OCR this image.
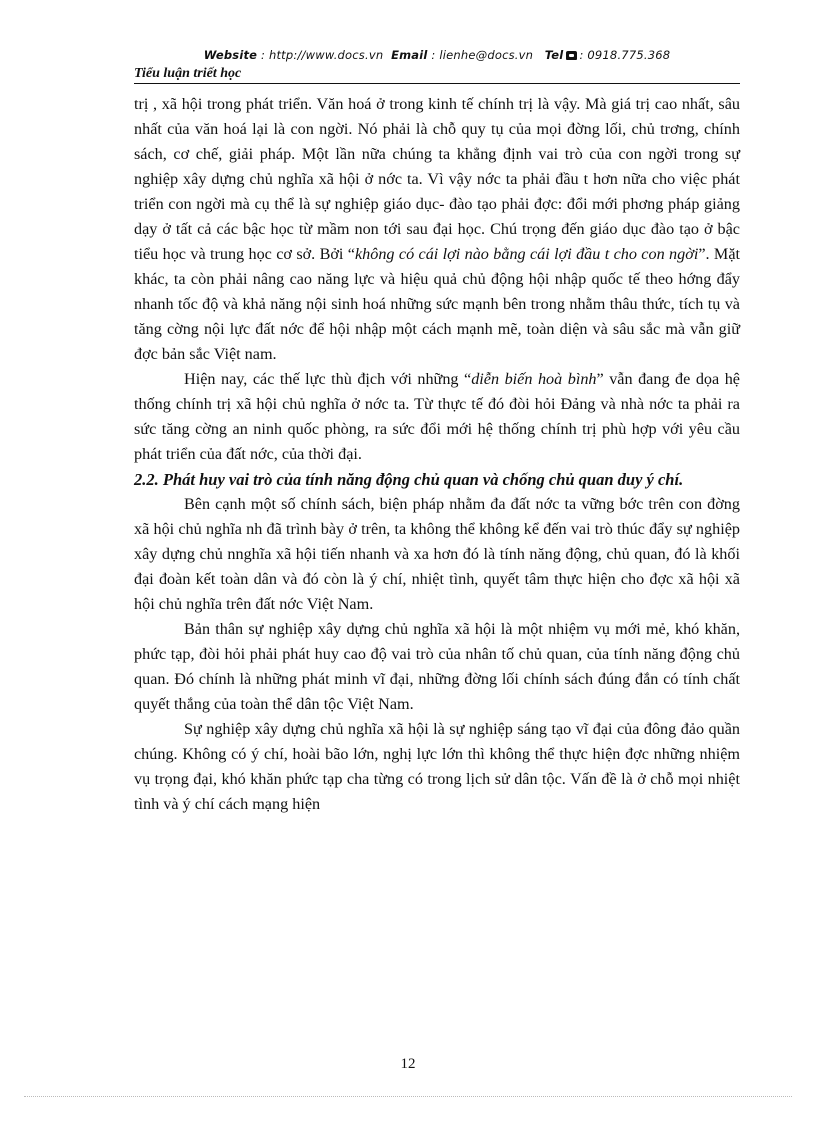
Website : http://www.docs.vn Email : lienhe@docs.vn Tel : 0918.775.368
Tiểu luận triết học

trị , xã hội trong phát triển. Văn hoá ở trong kinh tế chính trị là vậy. Mà giá trị cao nhất, sâu nhất của văn hoá lại là con ngời. Nó phải là chỗ quy tụ của mọi đờng lối, chủ trơng, chính sách, cơ chế, giải pháp. Một lần nữa chúng ta khẳng định vai trò của con ngời trong sự nghiệp xây dựng chủ nghĩa xã hội ở nớc ta. Vì vậy nớc ta phải đầu t hơn nữa cho việc phát triển con ngời mà cụ thể là sự nghiệp giáo dục- đào tạo phải đợc: đổi mới phơng pháp giảng dạy ở tất cả các bậc học từ mầm non tới sau đại học. Chú trọng đến giáo dục đào tạo ở bậc tiểu học và trung học cơ sở. Bởi “không có cái lợi nào bằng cái lợi đầu t cho con ngời”. Mặt khác, ta còn phải nâng cao năng lực và hiệu quả chủ động hội nhập quốc tế theo hớng đẩy nhanh tốc độ và khả năng nội sinh hoá những sức mạnh bên trong nhằm thâu thức, tích tụ và tăng cờng nội lực đất nớc để hội nhập một cách mạnh mẽ, toàn diện và sâu sắc mà vẫn giữ đợc bản sắc Việt nam.

Hiện nay, các thế lực thù địch với những “diễn biến hoà bình” vẫn đang đe dọa hệ thống chính trị xã hội chủ nghĩa ở nớc ta. Từ thực tế đó đòi hỏi Đảng và nhà nớc ta phải ra sức tăng cờng an ninh quốc phòng, ra sức đổi mới hệ thống chính trị phù hợp với yêu cầu phát triển của đất nớc, của thời đại.

2.2. Phát huy vai trò của tính năng động chủ quan và chống chủ quan duy ý chí.

Bên cạnh một số chính sách, biện pháp nhằm đa đất nớc ta vững bớc trên con đờng xã hội chủ nghĩa nh đã trình bày ở trên, ta không thể không kể đến vai trò thúc đẩy sự nghiệp xây dựng chủ nnghĩa xã hội tiến nhanh và xa hơn đó là tính năng động, chủ quan, đó là khối đại đoàn kết toàn dân và đó còn là ý chí, nhiệt tình, quyết tâm thực hiện cho đợc xã hội xã hội chủ nghĩa trên đất nớc Việt Nam.

Bản thân sự nghiệp xây dựng chủ nghĩa xã hội là một nhiệm vụ mới mẻ, khó khăn, phức tạp, đòi hỏi phải phát huy cao độ vai trò của nhân tố chủ quan, của tính năng động chủ quan. Đó chính là những phát minh vĩ đại, những đờng lối chính sách đúng đắn có tính chất quyết thắng của toàn thể dân tộc Việt Nam.

Sự nghiệp xây dựng chủ nghĩa xã hội là sự nghiệp sáng tạo vĩ đại của đông đảo quần chúng. Không có ý chí, hoài bão lớn, nghị lực lớn thì không thể thực hiện đợc những nhiệm vụ trọng đại, khó khăn phức tạp cha từng có trong lịch sử dân tộc. Vấn đề là ở chỗ mọi nhiệt tình và ý chí cách mạng hiện

12
